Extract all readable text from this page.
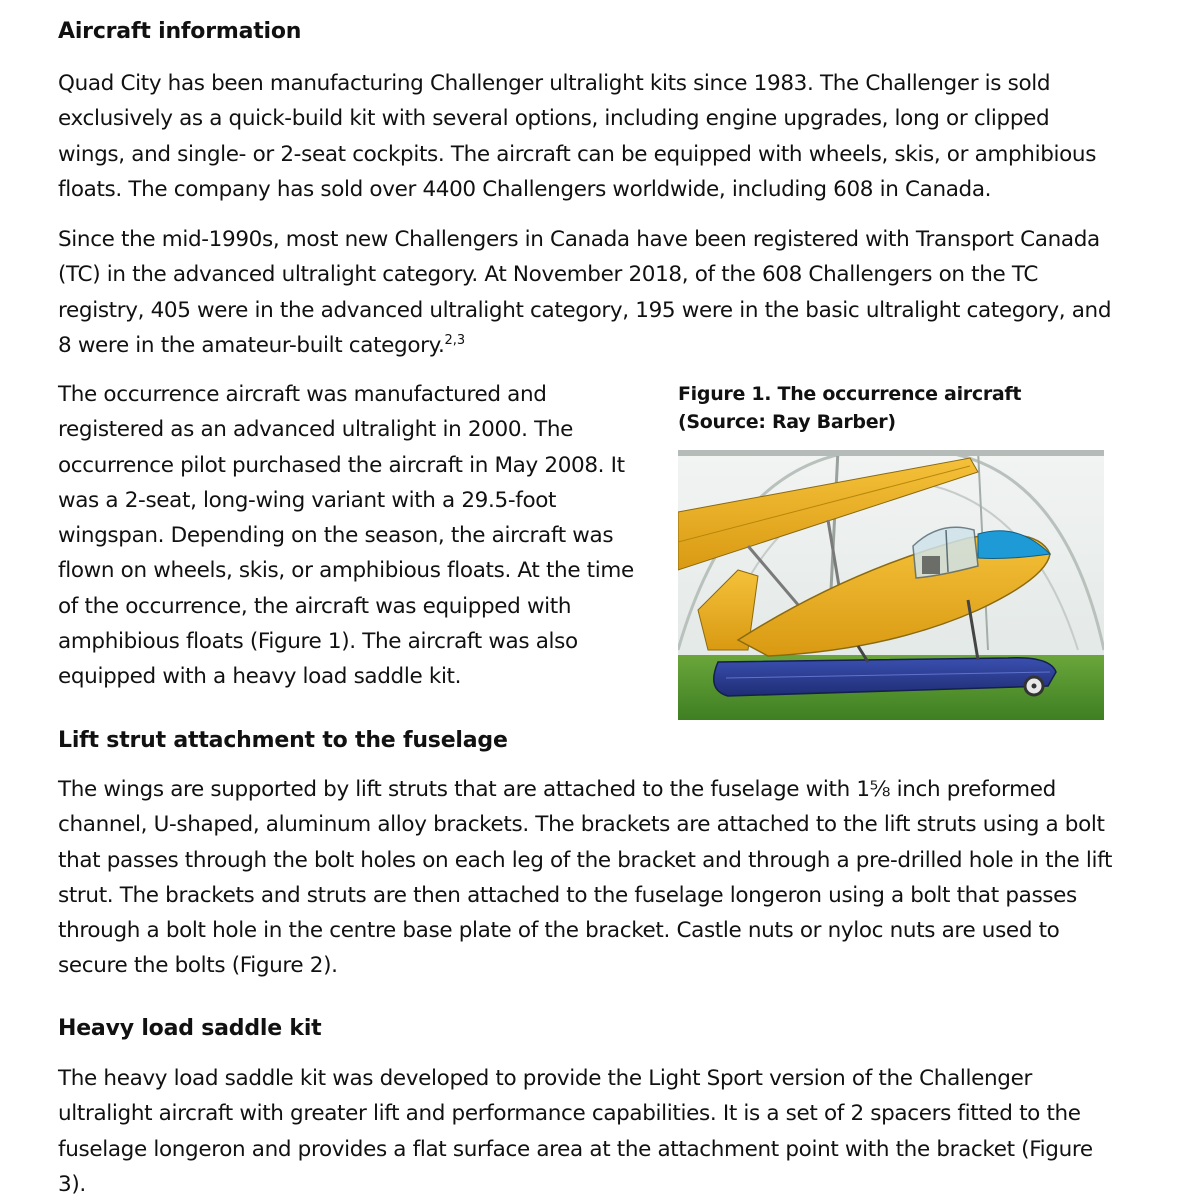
Aircraft information

Quad City has been manufacturing Challenger ultralight kits since 1983. The Challenger is sold exclusively as a quick-build kit with several options, including engine upgrades, long or clipped wings, and single- or 2-seat cockpits. The aircraft can be equipped with wheels, skis, or amphibious floats. The company has sold over 4400 Challengers worldwide, including 608 in Canada.

Since the mid-1990s, most new Challengers in Canada have been registered with Transport Canada (TC) in the advanced ultralight category. At November 2018, of the 608 Challengers on the TC registry, 405 were in the advanced ultralight category, 195 were in the basic ultralight category, and 8 were in the amateur-built category.$^{2,3}$

The occurrence aircraft was manufactured and registered as an advanced ultralight in 2000. The occurrence pilot purchased the aircraft in May 2008. It was a 2-seat, long-wing variant with a 29.5-foot wingspan. Depending on the season, the aircraft was flown on wheels, skis, or amphibious floats. At the time of the occurrence, the aircraft was equipped with amphibious floats (Figure 1). The aircraft was also equipped with a heavy load saddle kit.

Figure 1. The occurrence aircraft (Source: Ray Barber)

Lift strut attachment to the fuselage

The wings are supported by lift struts that are attached to the fuselage with 1⅝ inch preformed channel, U-shaped, aluminum alloy brackets. The brackets are attached to the lift struts using a bolt that passes through the bolt holes on each leg of the bracket and through a pre-drilled hole in the lift strut. The brackets and struts are then attached to the fuselage longeron using a bolt that passes through a bolt hole in the centre base plate of the bracket. Castle nuts or nyloc nuts are used to secure the bolts (Figure 2).

Heavy load saddle kit

The heavy load saddle kit was developed to provide the Light Sport version of the Challenger ultralight aircraft with greater lift and performance capabilities. It is a set of 2 spacers fitted to the fuselage longeron and provides a flat surface area at the attachment point with the bracket (Figure 3).
